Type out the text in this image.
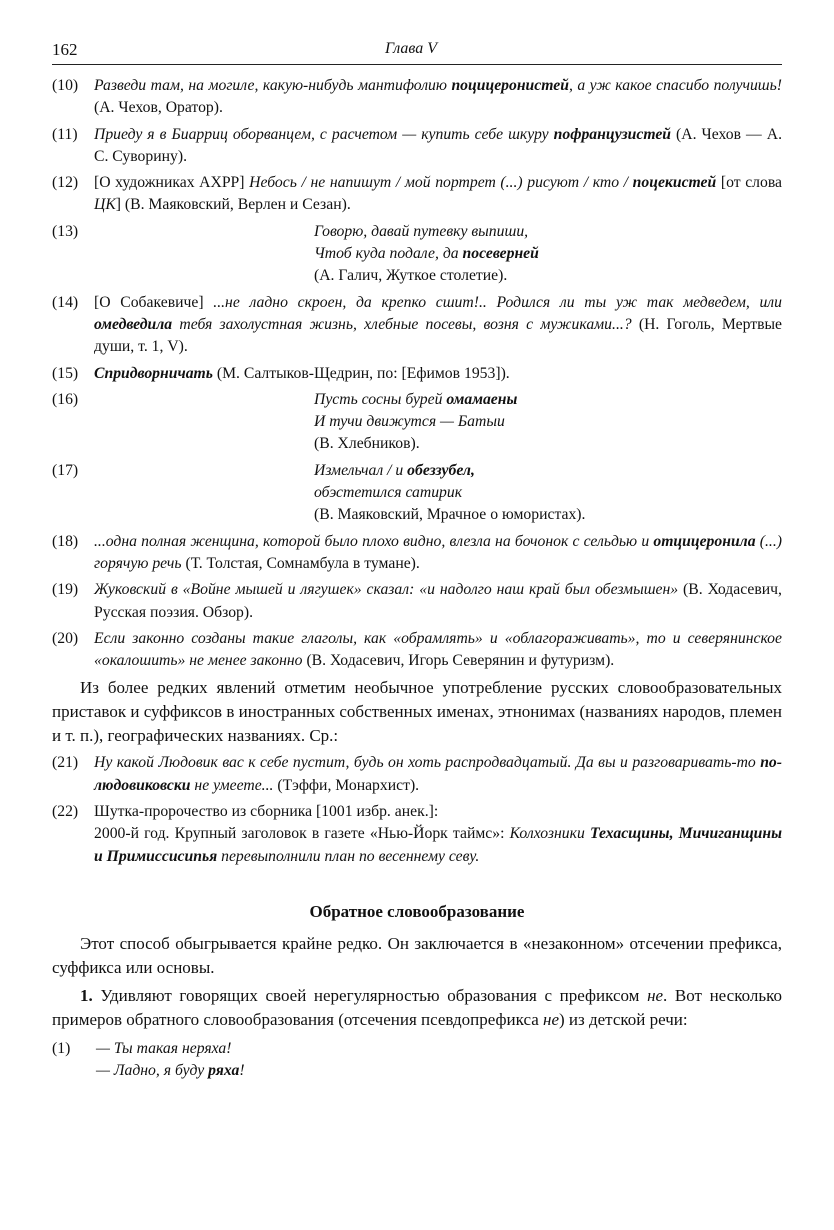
162	Глава V
(10) Разведи там, на могиле, какую-нибудь мантифолию поцицеронистей, а уж какое спасибо получишь! (А. Чехов, Оратор).
(11) Приеду я в Биарриц оборванцем, с расчетом — купить себе шкуру пофранцузистей (А. Чехов — А. С. Суворину).
(12) [О художниках АХРР] Небось / не напишут / мой портрет (...) рисуют / кто / поцекистей [от слова ЦК] (В. Маяковский, Верлен и Сезан).
(13)	Говорю, давай путевку выпиши,
Чтоб куда подале, да посеверней
(А. Галич, Жуткое столетие).
(14) [О Собакевиче] ...не ладно скроен, да крепко сшит!.. Родился ли ты уж так медведем, или омедведила тебя захолустная жизнь, хлебные посевы, возня с мужиками...? (Н. Гоголь, Мертвые души, т. 1, V).
(15) Спридворничать (М. Салтыков-Щедрин, по: [Ефимов 1953]).
(16)	Пусть сосны бурей омамаены
И тучи движутся — Батыи
(В. Хлебников).
(17)	Измельчал / и обеззубел,
обэстетился сатирик
(В. Маяковский, Мрачное о юмористах).
(18) ...одна полная женщина, которой было плохо видно, влезла на бочонок с сельдью и отцицеронила (...) горячую речь (Т. Толстая, Сомнамбула в тумане).
(19) Жуковский в «Войне мышей и лягушек» сказал: «и надолго наш край был обезмышен» (В. Ходасевич, Русская поэзия. Обзор).
(20) Если законно созданы такие глаголы, как «обрамлять» и «облагораживать», то и северянинское «окалошить» не менее законно (В. Ходасевич, Игорь Северянин и футуризм).

Из более редких явлений отметим необычное употребление русских словообразовательных приставок и суффиксов в иностранных собственных именах, этнонимах (названиях народов, племен и т. п.), географических названиях. Ср.:

(21) Ну какой Людовик вас к себе пустит, будь он хоть распродвадцатый. Да вы и разговаривать-то по-людовиковски не умеете... (Тэффи, Монархист).
(22) Шутка-пророчество из сборника [1001 избр. анек.]:
2000-й год. Крупный заголовок в газете «Нью-Йорк таймс»: Колхозники Техасщины, Мичиганщины и Примиссисипья перевыполнили план по весеннему севу.
Обратное словообразование

Этот способ обыгрывается крайне редко. Он заключается в «незаконном» отсечении префикса, суффикса или основы.

1. Удивляют говорящих своей нерегулярностью образования с префиксом не. Вот несколько примеров обратного словообразования (отсечения псевдопрефикса не) из детской речи:

(1) — Ты такая неряха!
— Ладно, я буду ряха!
